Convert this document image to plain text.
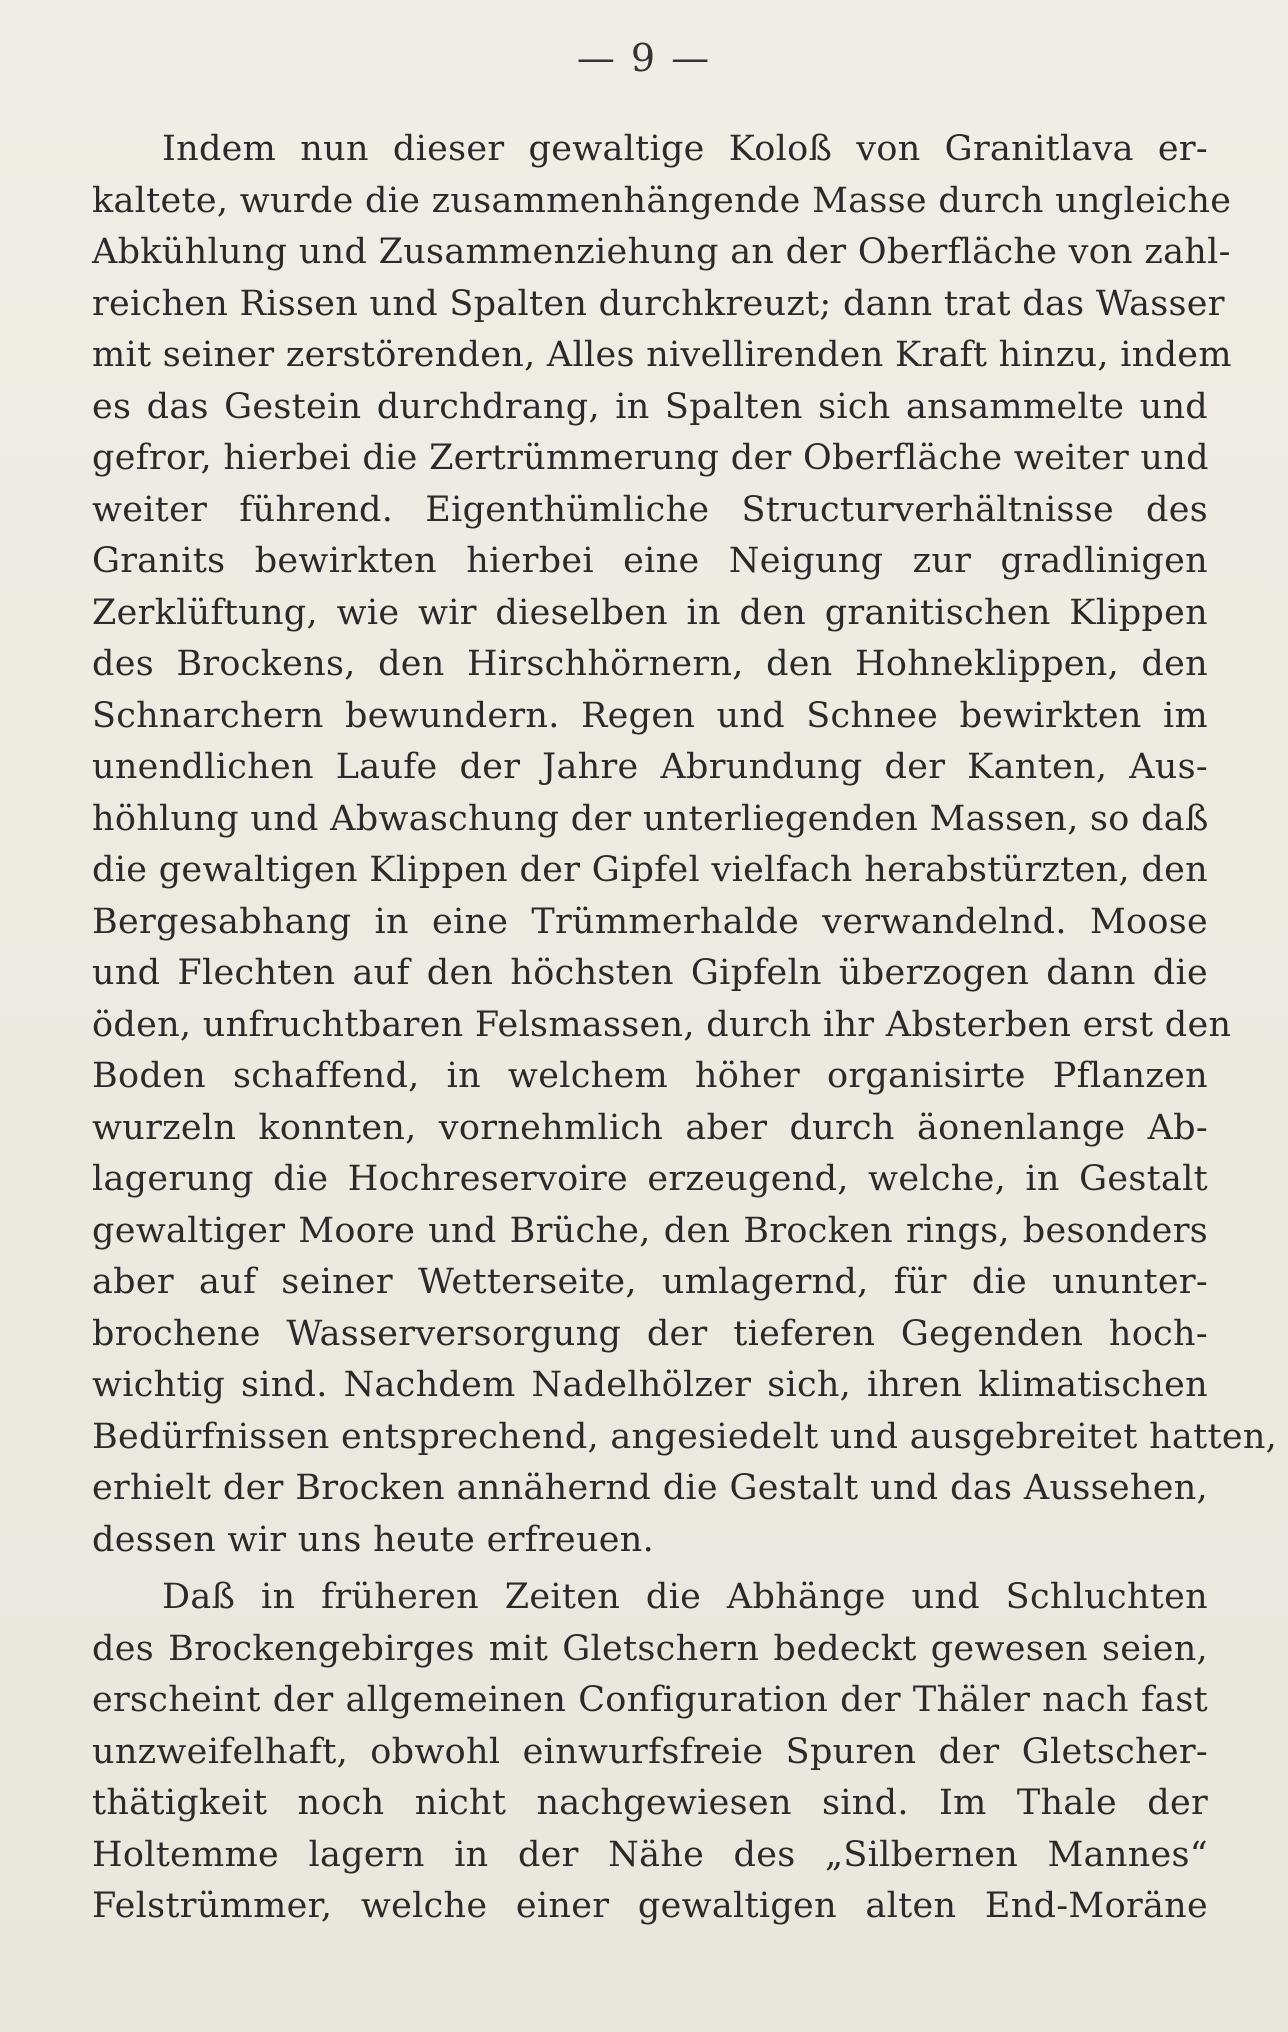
— 9 —
Indem nun dieser gewaltige Koloß von Granitlava er-
kaltete, wurde die zusammenhängende Masse durch ungleiche
Abkühlung und Zusammenziehung an der Oberfläche von zahl-
reichen Rissen und Spalten durchkreuzt; dann trat das Wasser
mit seiner zerstörenden, Alles nivellirenden Kraft hinzu, indem
es das Gestein durchdrang, in Spalten sich ansammelte und
gefror, hierbei die Zertrümmerung der Oberfläche weiter und
weiter führend. Eigenthümliche Structurverhältnisse des
Granits bewirkten hierbei eine Neigung zur gradlinigen
Zerklüftung, wie wir dieselben in den granitischen Klippen
des Brockens, den Hirschhörnern, den Hohneklippen, den
Schnarchern bewundern. Regen und Schnee bewirkten im
unendlichen Laufe der Jahre Abrundung der Kanten, Aus-
höhlung und Abwaschung der unterliegenden Massen, so daß
die gewaltigen Klippen der Gipfel vielfach herabstürzten, den
Bergesabhang in eine Trümmerhalde verwandelnd. Moose
und Flechten auf den höchsten Gipfeln überzogen dann die
öden, unfruchtbaren Felsmassen, durch ihr Absterben erst den
Boden schaffend, in welchem höher organisirte Pflanzen
wurzeln konnten, vornehmlich aber durch äonenlange Ab-
lagerung die Hochreservoire erzeugend, welche, in Gestalt
gewaltiger Moore und Brüche, den Brocken rings, besonders
aber auf seiner Wetterseite, umlagernd, für die ununter-
brochene Wasserversorgung der tieferen Gegenden hoch-
wichtig sind. Nachdem Nadelhölzer sich, ihren klimatischen
Bedürfnissen entsprechend, angesiedelt und ausgebreitet hatten,
erhielt der Brocken annähernd die Gestalt und das Aussehen,
dessen wir uns heute erfreuen.
Daß in früheren Zeiten die Abhänge und Schluchten
des Brockengebirges mit Gletschern bedeckt gewesen seien,
erscheint der allgemeinen Configuration der Thäler nach fast
unzweifelhaft, obwohl einwurfsfreie Spuren der Gletscher-
thätigkeit noch nicht nachgewiesen sind. Im Thale der
Holtemme lagern in der Nähe des „Silbernen Mannes“
Felstrümmer, welche einer gewaltigen alten End-Moräne
